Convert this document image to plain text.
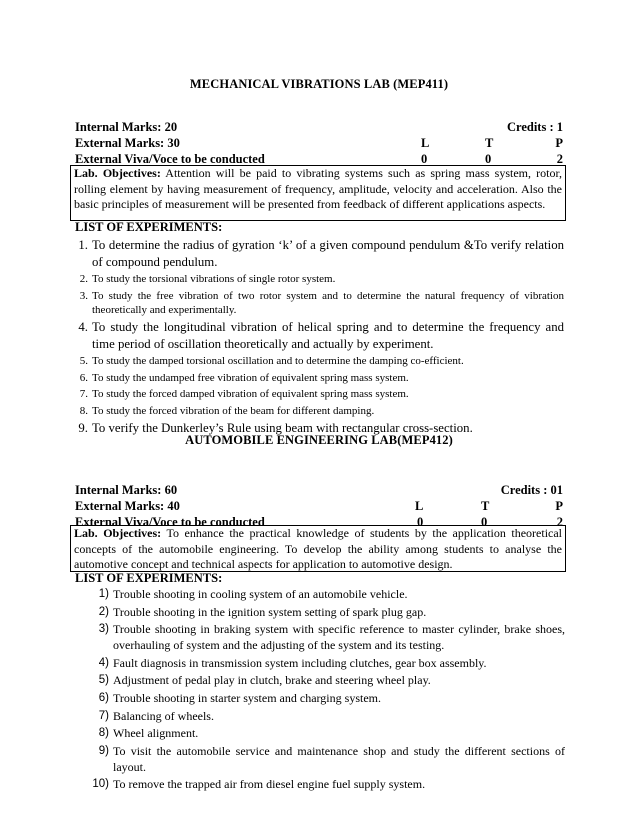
MECHANICAL VIBRATIONS LAB (MEP411)
Internal Marks: 20	Credits : 1
External Marks: 30	L	T	P
External Viva/Voce to be conducted	0	0	2
Lab. Objectives: Attention will be paid to vibrating systems such as spring mass system, rotor, rolling element by having measurement of frequency, amplitude, velocity and acceleration. Also the basic principles of measurement will be presented from feedback of different applications aspects.
LIST OF EXPERIMENTS:
1. To determine the radius of gyration ‘k’ of a given compound pendulum &To verify relation of compound pendulum.
2. To study the torsional vibrations of single rotor system.
3. To study the free vibration of two rotor system and to determine the natural frequency of vibration theoretically and experimentally.
4. To study the longitudinal vibration of helical spring and to determine the frequency and time period of oscillation theoretically and actually by experiment.
5. To study the damped torsional oscillation and to determine the damping co-efficient.
6. To study the undamped free vibration of equivalent spring mass system.
7. To study the forced damped vibration of equivalent spring mass system.
8. To study the forced vibration of the beam for different damping.
9. To verify the Dunkerley’s Rule using beam with rectangular cross-section.
AUTOMOBILE ENGINEERING LAB(MEP412)
Internal Marks: 60	Credits : 01
External Marks: 40	L	T	P
External Viva/Voce to be conducted	0	0	2
Lab. Objectives: To enhance the practical knowledge of students by the application theoretical concepts of the automobile engineering. To develop the ability among students to analyse the automotive concept and technical aspects for application to automotive design.
LIST OF EXPERIMENTS:
1) Trouble shooting in cooling system of an automobile vehicle.
2) Trouble shooting in the ignition system setting of spark plug gap.
3) Trouble shooting in braking system with specific reference to master cylinder, brake shoes, overhauling of system and the adjusting of the system and its testing.
4) Fault diagnosis in transmission system including clutches, gear box assembly.
5) Adjustment of pedal play in clutch, brake and steering wheel play.
6) Trouble shooting in starter system and charging system.
7) Balancing of wheels.
8) Wheel alignment.
9) To visit the automobile service and maintenance shop and study the different sections of layout.
10) To remove the trapped air from diesel engine fuel supply system.
